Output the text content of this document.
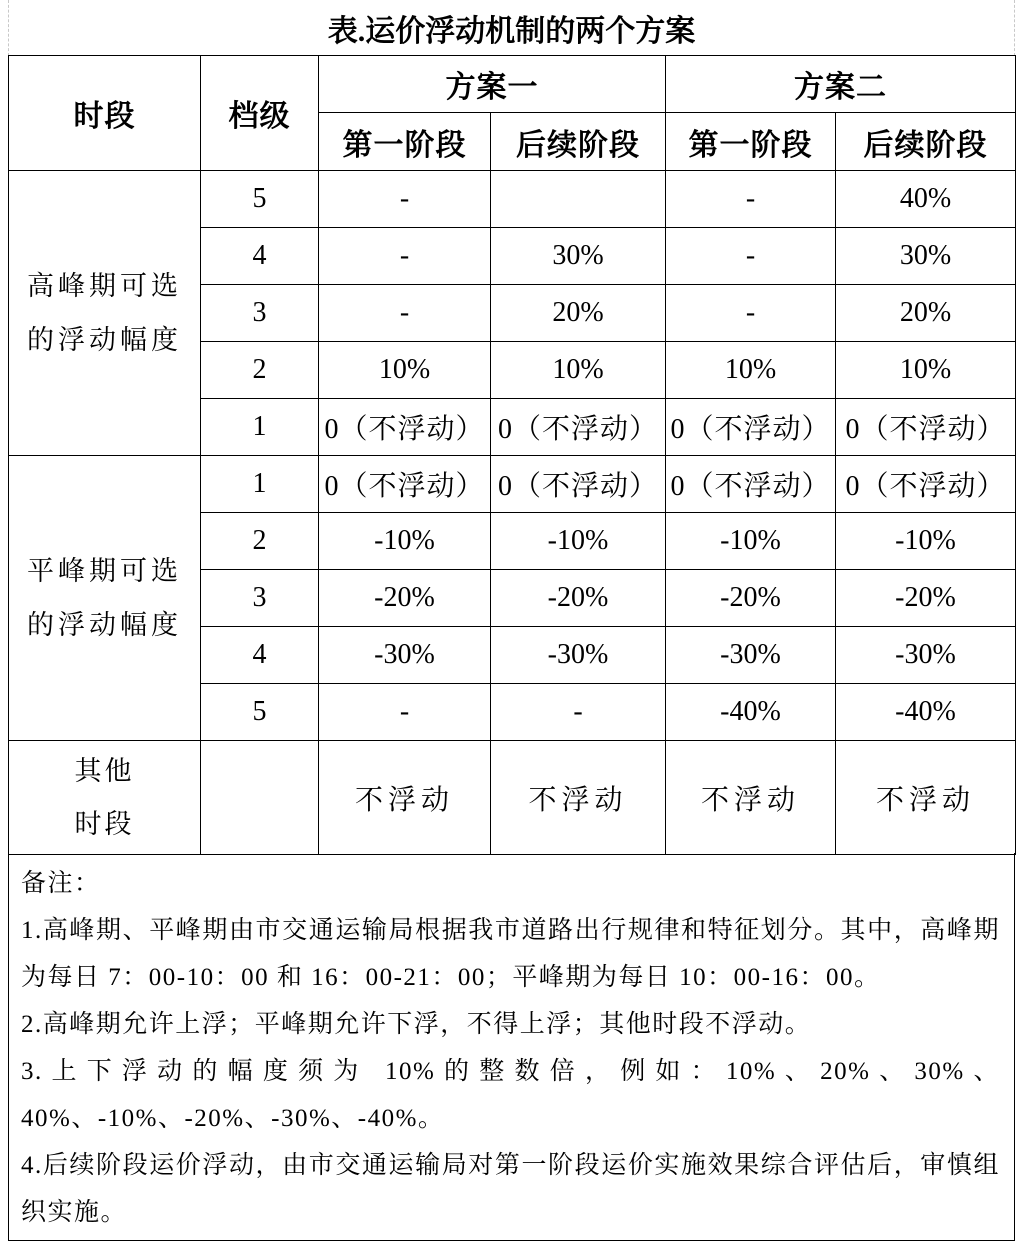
表.运价浮动机制的两个方案
时段	档级	方案一		方案二	
		第一阶段	后续阶段	第一阶段	后续阶段

高峰期可选
的浮动幅度	5	-		-	40%
	4	-	30%	-	30%
	3	-	20%	-	20%
	2	10%	10%	10%	10%
	1	0（不浮动）	0（不浮动）	0（不浮动）	0（不浮动）

平峰期可选
的浮动幅度	1	0（不浮动）	0（不浮动）	0（不浮动）	0（不浮动）
	2	-10%	-10%	-10%	-10%
	3	-20%	-20%	-20%	-20%
	4	-30%	-30%	-30%	-30%
	5	-	-	-40%	-40%

其他
时段		不浮动	不浮动	不浮动	不浮动

备注：

1.高峰期、平峰期由市交通运输局根据我市道路出行规律和特征划分。其中，高峰期为每日 7：00-10：00 和 16：00-21：00；平峰期为每日 10：00-16：00。

2.高峰期允许上浮；平峰期允许下浮，不得上浮；其他时段不浮动。

3.上下浮动的幅度须为 10%的整数倍，例如：10%、20%、30%、40%、-10%、-20%、-30%、-40%。

4.后续阶段运价浮动，由市交通运输局对第一阶段运价实施效果综合评估后，审慎组织实施。
